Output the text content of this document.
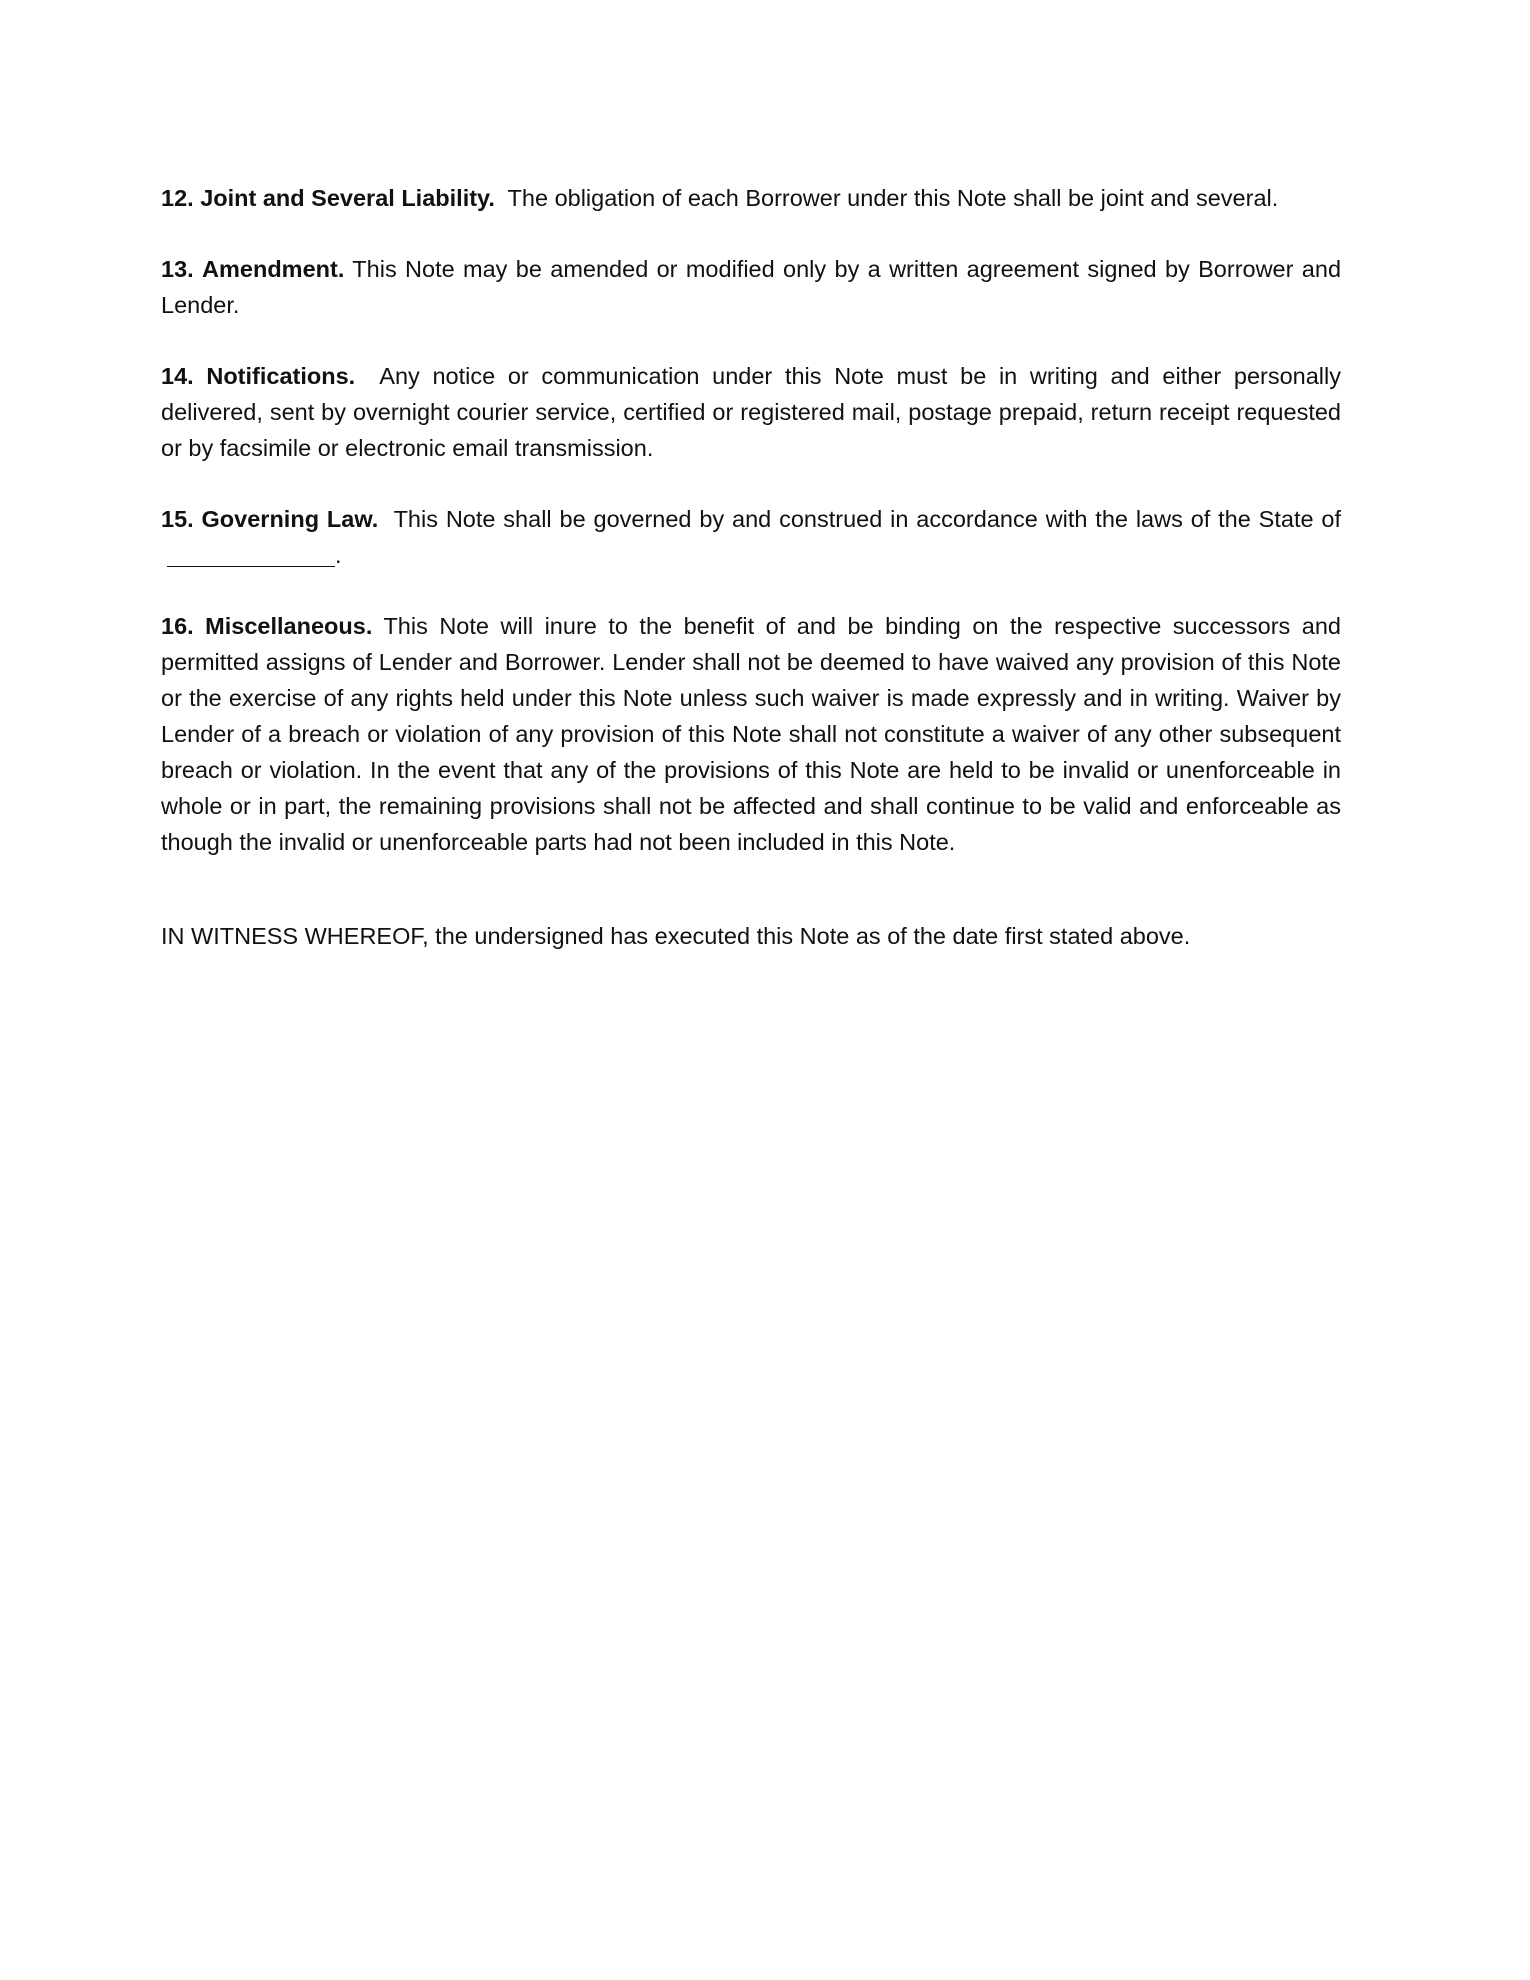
12. Joint and Several Liability. The obligation of each Borrower under this Note shall be joint and several.

13. Amendment. This Note may be amended or modified only by a written agreement signed by Borrower and Lender.

14. Notifications. Any notice or communication under this Note must be in writing and either personally delivered, sent by overnight courier service, certified or registered mail, postage prepaid, return receipt requested or by facsimile or electronic email transmission.

15. Governing Law. This Note shall be governed by and construed in accordance with the laws of the State of.

16. Miscellaneous. This Note will inure to the benefit of and be binding on the respective successors and permitted assigns of Lender and Borrower. Lender shall not be deemed to have waived any provision of this Note or the exercise of any rights held under this Note unless such waiver is made expressly and in writing. Waiver by Lender of a breach or violation of any provision of this Note shall not constitute a waiver of any other subsequent breach or violation. In the event that any of the provisions of this Note are held to be invalid or unenforceable in whole or in part, the remaining provisions shall not be affected and shall continue to be valid and enforceable as though the invalid or unenforceable parts had not been included in this Note.

IN WITNESS WHEREOF, the undersigned has executed this Note as of the date first stated above.
